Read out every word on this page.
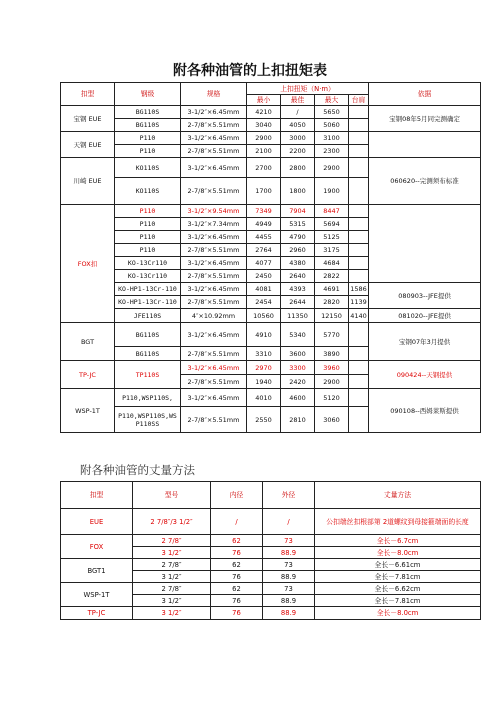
附各种油管的上扣扭矩表
扣型	钢级	规格	上扣扭矩（N·m）				依据
			最小	最佳	最大	台肩	
宝钢 EUE	BG110S	3-1/2″×6.45mm	4210	/	5650		宝钢08年5月同完测确定
	BG110S	2-7/8″×5.51mm	3040	4050	5060		
天钢 EUE	P110	3-1/2″×6.45mm	2900	3000	3100		
	P110	2-7/8″×5.51mm	2100	2200	2300		
川崎 EUE	KO110S	3-1/2″×6.45mm	2700	2800	2900		060620--完测须布标准
	KO110S	2-7/8″×5.51mm	1700	1800	1900		
FOX扣	P110	3-1/2″×9.54mm	7349	7904	8447		
	P110	3-1/2″×7.34mm	4949	5315	5694		
	P110	3-1/2″×6.45mm	4455	4790	5125		
	P110	2-7/8″×5.51mm	2764	2960	3175		
	KO-13Cr110	3-1/2″×6.45mm	4077	4380	4684		
	KO-13Cr110	2-7/8″×5.51mm	2450	2640	2822		
	KO-HP1-13Cr-110	3-1/2″×6.45mm	4081	4393	4691	1586	080903--JFE提供
	KO-HP1-13Cr-110	2-7/8″×5.51mm	2454	2644	2820	1139	
	JFE110S	4″×10.92mm	10560	11350	12150	4140	081020--JFE提供
BGT	BG110S	3-1/2″×6.45mm	4910	5340	5770		宝钢07年3月提供
	BG110S	2-7/8″×5.51mm	3310	3600	3890		
TP-JC	TP110S	3-1/2″×6.45mm	2970	3300	3960		090424--天钢提供
		2-7/8″×5.51mm	1940	2420	2900		
WSP-1T	P110,WSP110S,	3-1/2″×6.45mm	4010	4600	5120		090108--西姆莱斯提供
	P110,WSP110S,WS P110SS	2-7/8″×5.51mm	2550	2810	3060		
附各种油管的丈量方法
扣型	型号	内径	外径	丈量方法
EUE	2 7/8″/3 1/2″	/	/	公扣端丝扣根部第 2道螺纹到母接箍端面的长度
FOX	2 7/8″	62	73	全长－6.7cm
	3 1/2″	76	88.9	全长－8.0cm
BGT1	2 7/8″	62	73	全长－6.61cm
	3 1/2″	76	88.9	全长－7.81cm
WSP-1T	2 7/8″	62	73	全长－6.62cm
	3 1/2″	76	88.9	全长－7.81cm
TP-JC	3 1/2″	76	88.9	全长－8.0cm
